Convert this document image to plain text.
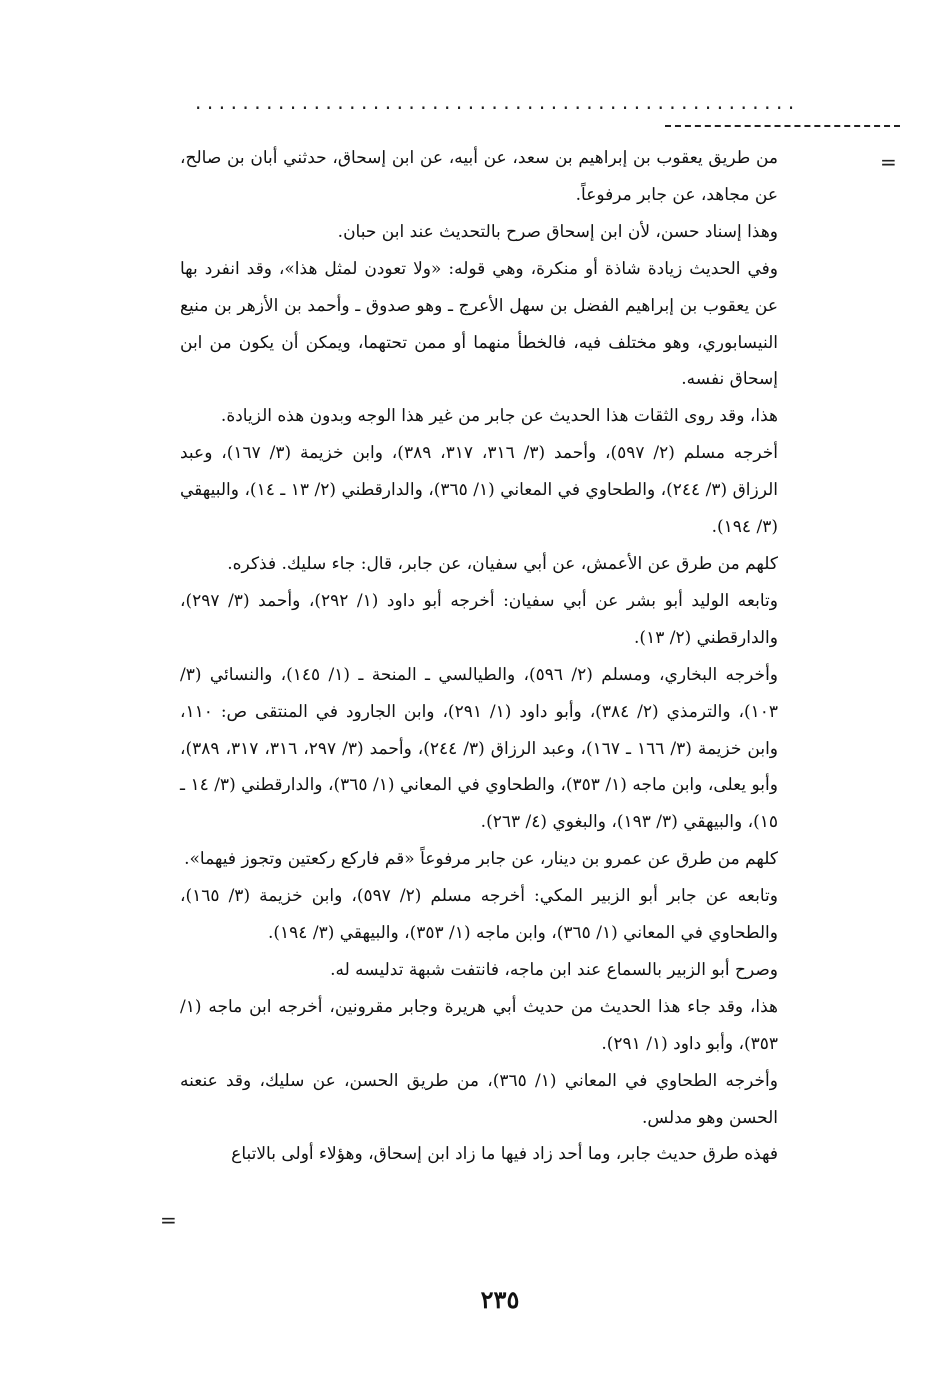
...................................................
=

من طريق يعقوب بن إبراهيم بن سعد، عن أبيه، عن ابن إسحاق، حدثني أبان بن صالح، عن مجاهد، عن جابر مرفوعاً.

وهذا إسناد حسن، لأن ابن إسحاق صرح بالتحديث عند ابن حبان.

وفي الحديث زيادة شاذة أو منكرة، وهي قوله: «ولا تعودن لمثل هذا»، وقد انفرد بها عن يعقوب بن إبراهيم الفضل بن سهل الأعرج ـ وهو صدوق ـ وأحمد بن الأزهر بن منيع النيسابوري، وهو مختلف فيه، فالخطأ منهما أو ممن تحتهما، ويمكن أن يكون من ابن إسحاق نفسه.

هذا، وقد روى الثقات هذا الحديث عن جابر من غير هذا الوجه وبدون هذه الزيادة.

أخرجه مسلم (٢/ ٥٩٧)، وأحمد (٣/ ٣١٦، ٣١٧، ٣٨٩)، وابن خزيمة (٣/ ١٦٧)، وعبد الرزاق (٣/ ٢٤٤)، والطحاوي في المعاني (١/ ٣٦٥)، والدارقطني (٢/ ١٣ ـ ١٤)، والبيهقي (٣/ ١٩٤).

كلهم من طرق عن الأعمش، عن أبي سفيان، عن جابر، قال: جاء سليك. فذكره.

وتابعه الوليد أبو بشر عن أبي سفيان: أخرجه أبو داود (١/ ٢٩٢)، وأحمد (٣/ ٢٩٧)، والدارقطني (٢/ ١٣).

وأخرجه البخاري، ومسلم (٢/ ٥٩٦)، والطيالسي ـ المنحة ـ (١/ ١٤٥)، والنسائي (٣/ ١٠٣)، والترمذي (٢/ ٣٨٤)، وأبو داود (١/ ٢٩١)، وابن الجارود في المنتقى ص: ١١٠، وابن خزيمة (٣/ ١٦٦ ـ ١٦٧)، وعبد الرزاق (٣/ ٢٤٤)، وأحمد (٣/ ٢٩٧، ٣١٦، ٣١٧، ٣٨٩)، وأبو يعلى، وابن ماجه (١/ ٣٥٣)، والطحاوي في المعاني (١/ ٣٦٥)، والدارقطني (٣/ ١٤ ـ ١٥)، والبيهقي (٣/ ١٩٣)، والبغوي (٤/ ٢٦٣).

كلهم من طرق عن عمرو بن دينار، عن جابر مرفوعاً «قم فاركع ركعتين وتجوز فيهما».

وتابعه عن جابر أبو الزبير المكي: أخرجه مسلم (٢/ ٥٩٧)، وابن خزيمة (٣/ ١٦٥)، والطحاوي في المعاني (١/ ٣٦٥)، وابن ماجه (١/ ٣٥٣)، والبيهقي (٣/ ١٩٤).

وصرح أبو الزبير بالسماع عند ابن ماجه، فانتفت شبهة تدليسه له.

هذا، وقد جاء هذا الحديث من حديث أبي هريرة وجابر مقرونين، أخرجه ابن ماجه (١/ ٣٥٣)، وأبو داود (١/ ٢٩١).

وأخرجه الطحاوي في المعاني (١/ ٣٦٥)، من طريق الحسن، عن سليك، وقد عنعنه الحسن وهو مدلس.

فهذه طرق حديث جابر، وما أحد زاد فيها ما زاد ابن إسحاق، وهؤلاء أولى بالاتباع

=
٢٣٥
